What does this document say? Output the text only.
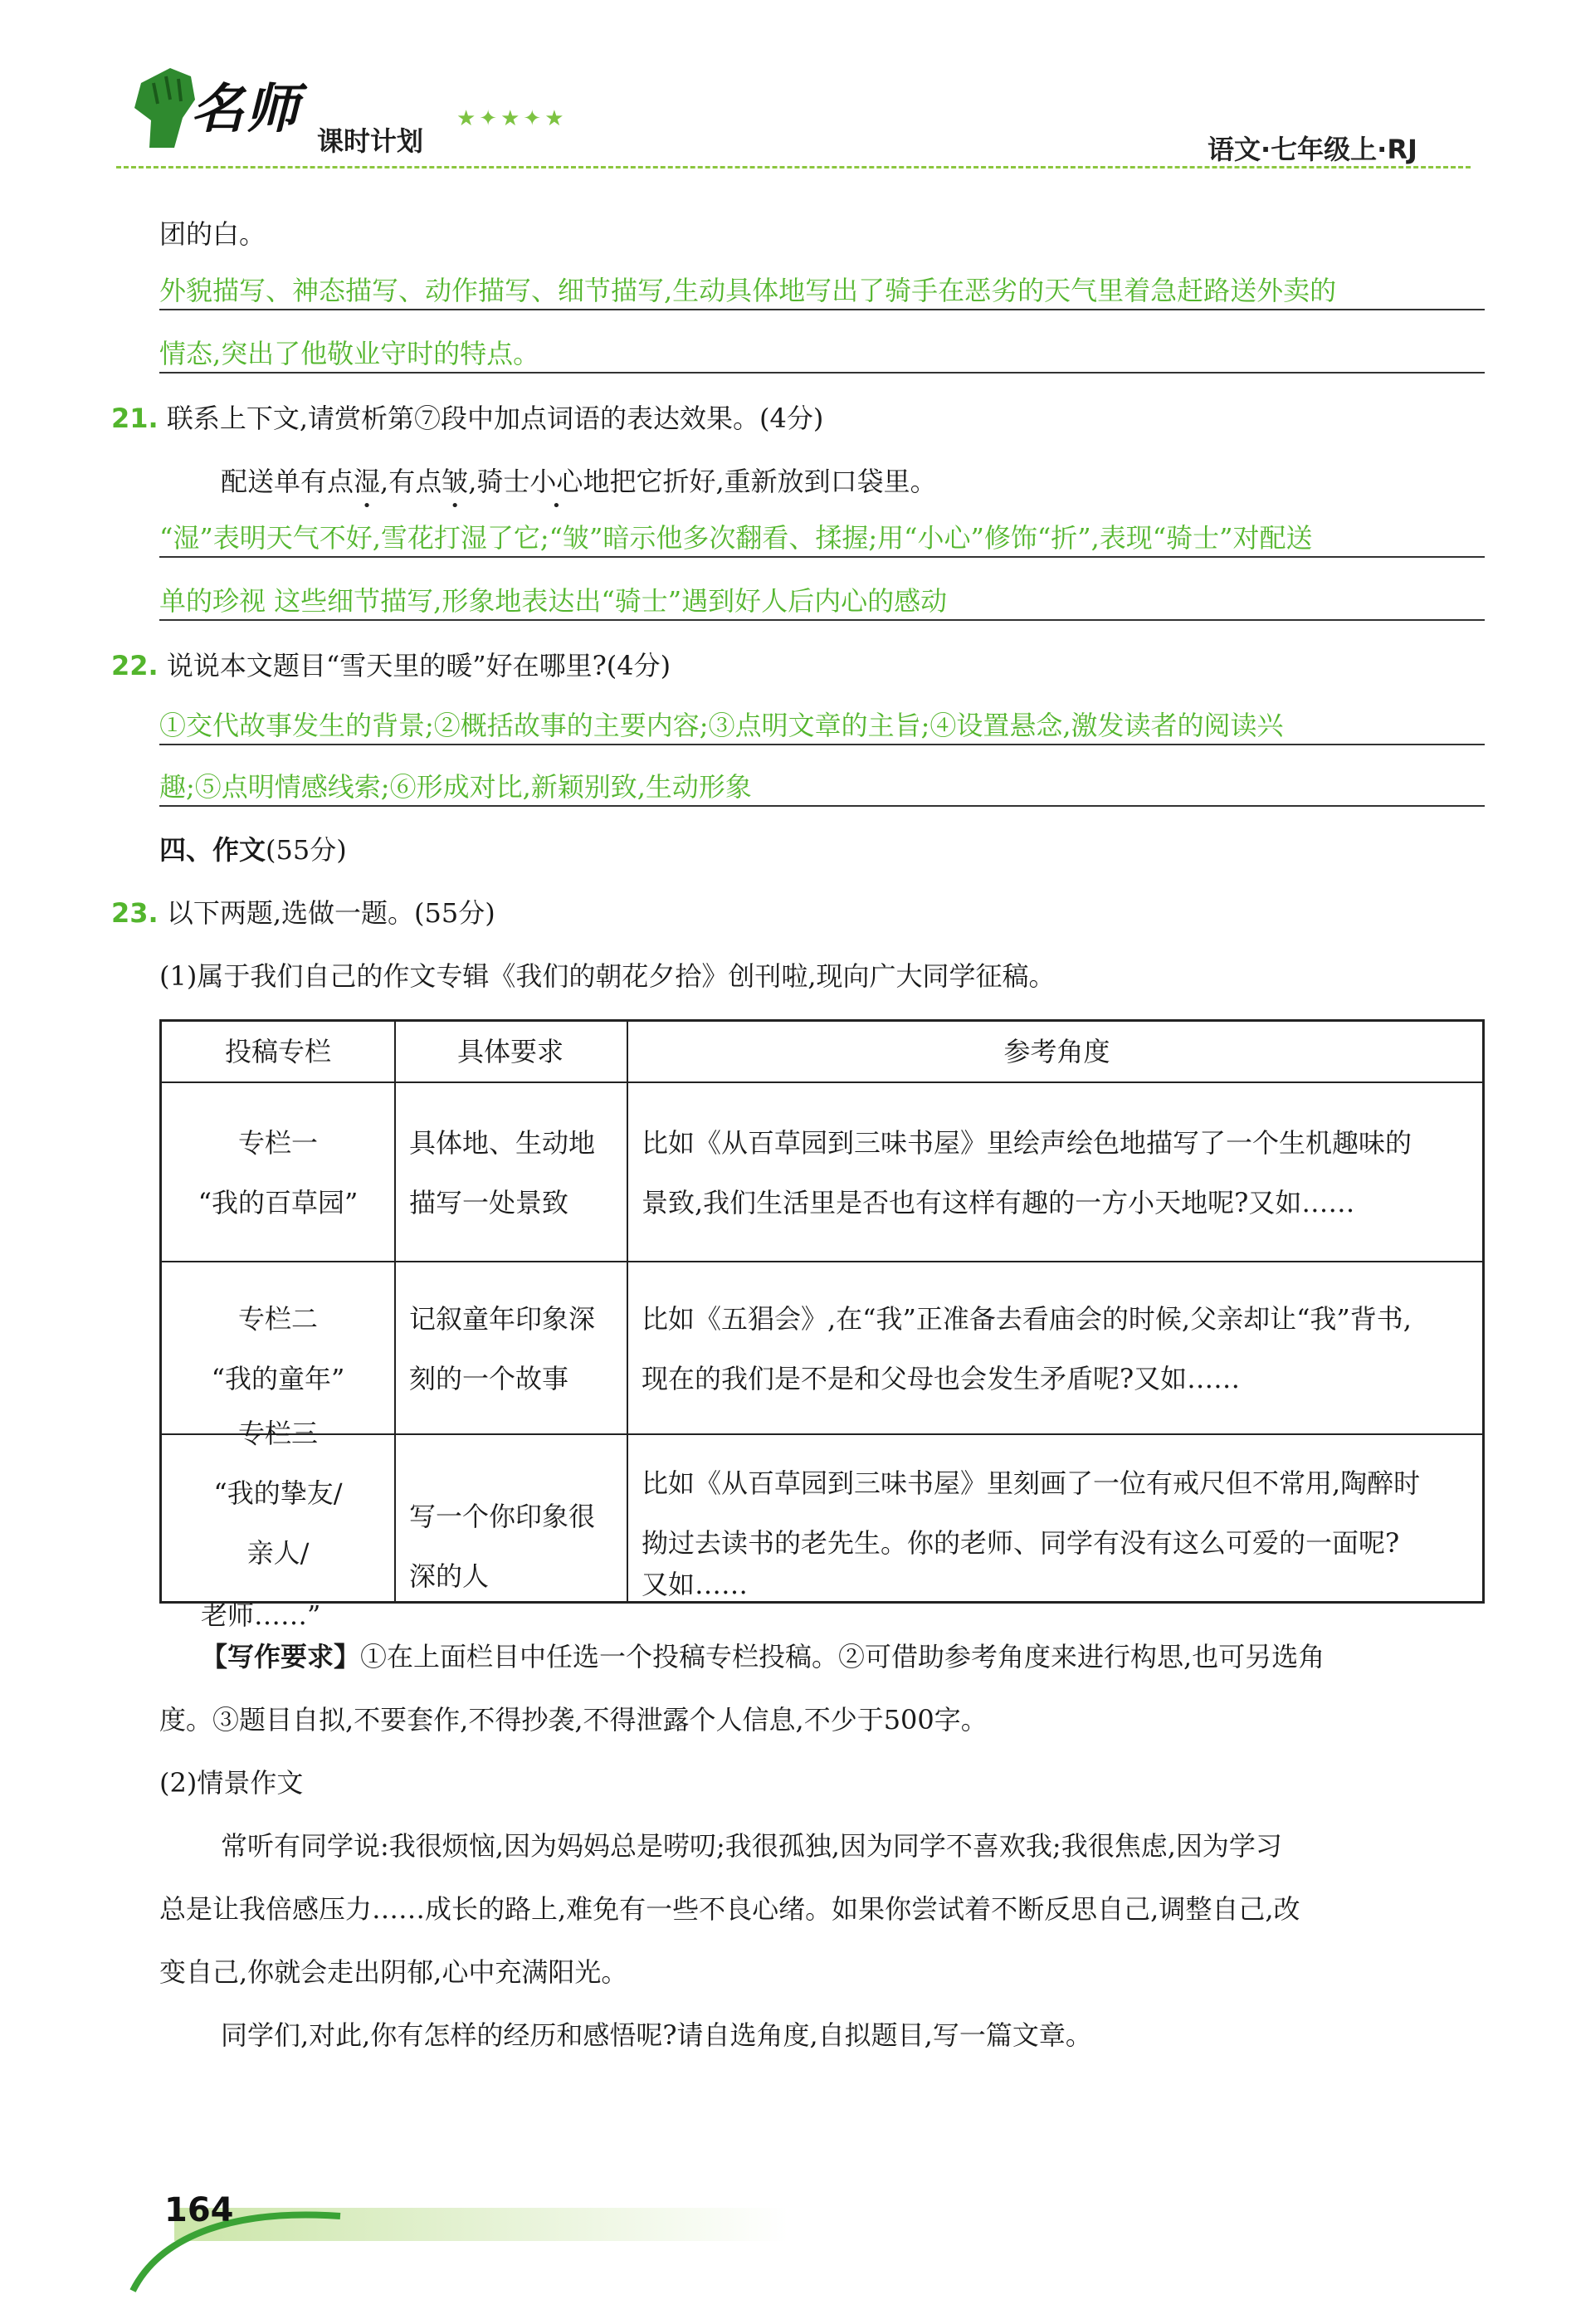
名师
课时计划
★✦★✦★
语文·七年级上·RJ
团的白。
外貌描写、神态描写、动作描写、细节描写,生动具体地写出了骑手在恶劣的天气里着急赶路送外卖的
情态,突出了他敬业守时的特点。
21. 联系上下文,请赏析第⑦段中加点词语的表达效果。(4分)
配送单有点湿,有点皱,骑士小心地把它折好,重新放到口袋里。
“湿”表明天气不好,雪花打湿了它;“皱”暗示他多次翻看、揉握;用“小心”修饰“折”,表现“骑士”对配送
单的珍视 这些细节描写,形象地表达出“骑士”遇到好人后内心的感动
22. 说说本文题目“雪天里的暖”好在哪里?(4分)
①交代故事发生的背景;②概括故事的主要内容;③点明文章的主旨;④设置悬念,激发读者的阅读兴
趣;⑤点明情感线索;⑥形成对比,新颖别致,生动形象
四、作文(55分)
23. 以下两题,选做一题。(55分)
(1)属于我们自己的作文专辑《我们的朝花夕拾》创刊啦,现向广大同学征稿。
投稿专栏	具体要求	参考角度
专栏一
“我的百草园”
具体地、生动地
描写一处景致
比如《从百草园到三味书屋》里绘声绘色地描写了一个生机趣味的
景致,我们生活里是否也有这样有趣的一方小天地呢?又如……
专栏二
“我的童年”
记叙童年印象深
刻的一个故事
比如《五猖会》,在“我”正准备去看庙会的时候,父亲却让“我”背书,
现在的我们是不是和父母也会发生矛盾呢?又如……
专栏三
“我的挚友/
亲人/
写一个你印象很
深的人
比如《从百草园到三味书屋》里刻画了一位有戒尺但不常用,陶醉时
拗过去读书的老先生。你的老师、同学有没有这么可爱的一面呢?
又如……
老师……”
【写作要求】①在上面栏目中任选一个投稿专栏投稿。②可借助参考角度来进行构思,也可另选角
度。③题目自拟,不要套作,不得抄袭,不得泄露个人信息,不少于500字。
(2)情景作文
常听有同学说:我很烦恼,因为妈妈总是唠叨;我很孤独,因为同学不喜欢我;我很焦虑,因为学习
总是让我倍感压力……成长的路上,难免有一些不良心绪。如果你尝试着不断反思自己,调整自己,改
变自己,你就会走出阴郁,心中充满阳光。
同学们,对此,你有怎样的经历和感悟呢?请自选角度,自拟题目,写一篇文章。
164
